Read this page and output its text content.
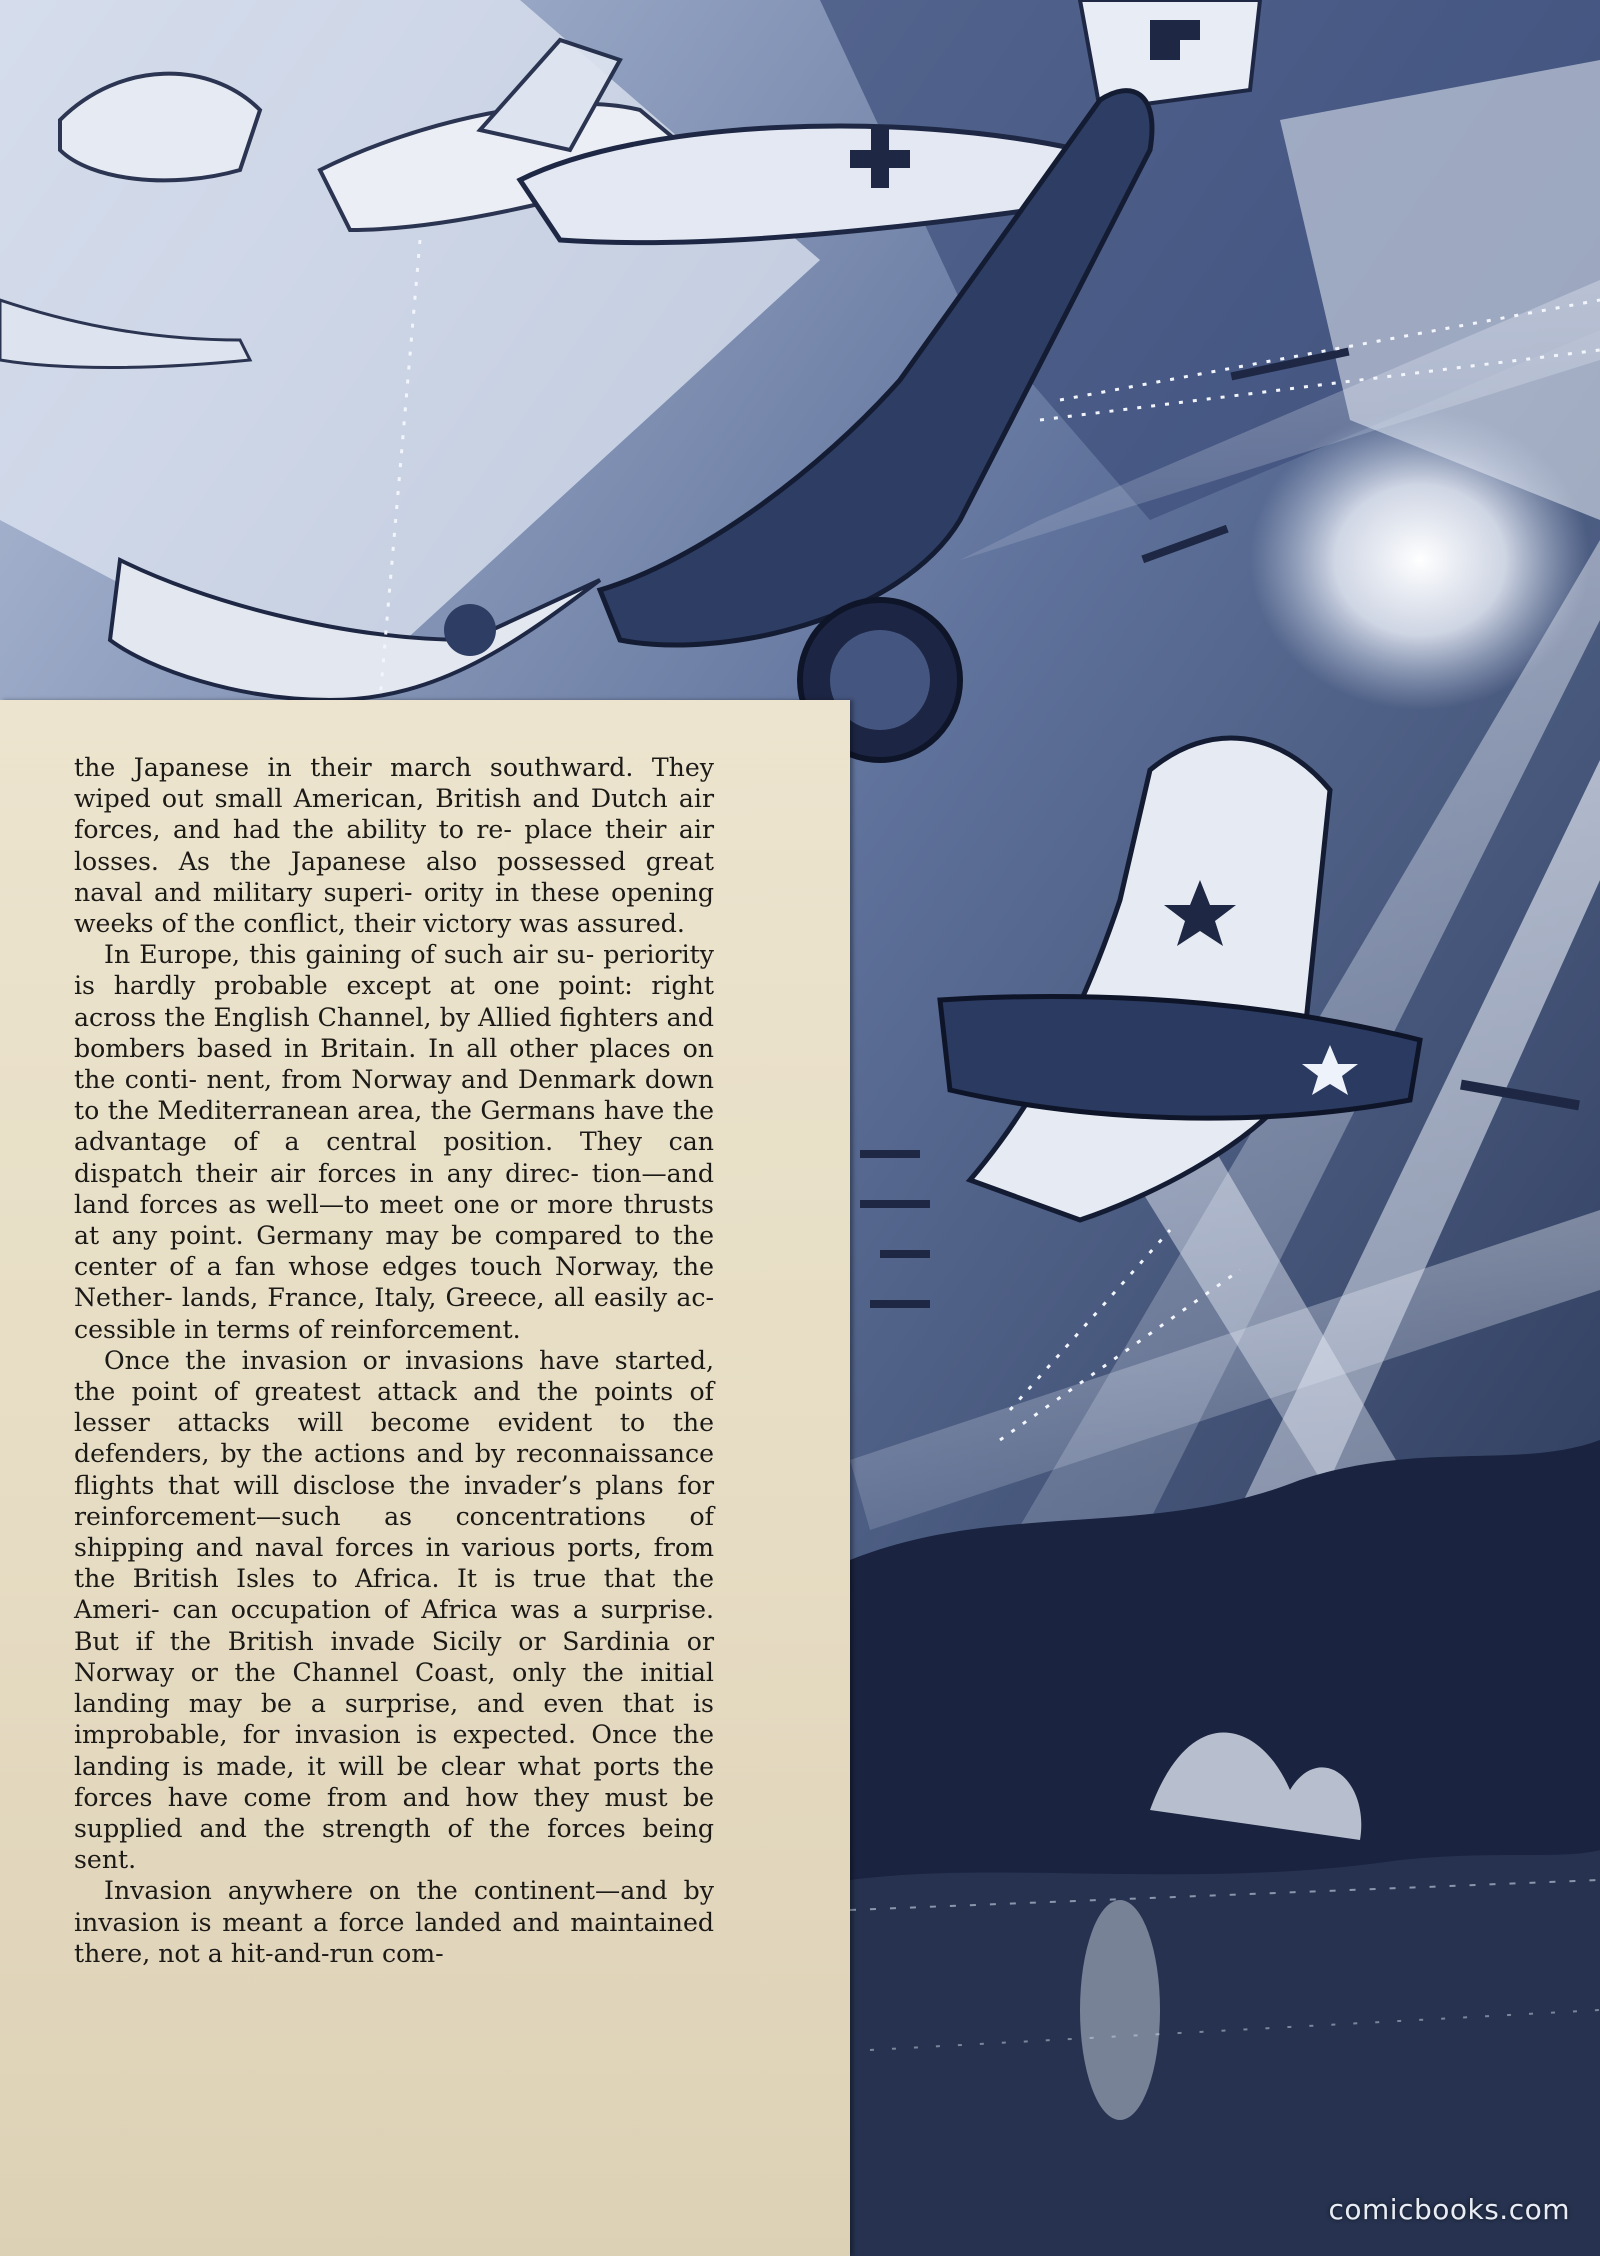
the Japanese in their march southward. They wiped out small American, British and Dutch air forces, and had the ability to re- place their air losses. As the Japanese also possessed great naval and military superi- ority in these opening weeks of the conflict, their victory was assured.

In Europe, this gaining of such air su- periority is hardly probable except at one point: right across the English Channel, by Allied fighters and bombers based in Britain. In all other places on the conti- nent, from Norway and Denmark down to the Mediterranean area, the Germans have the advantage of a central position. They can dispatch their air forces in any direc- tion—and land forces as well—to meet one or more thrusts at any point. Germany may be compared to the center of a fan whose edges touch Norway, the Nether- lands, France, Italy, Greece, all easily ac- cessible in terms of reinforcement.

Once the invasion or invasions have started, the point of greatest attack and the points of lesser attacks will become evident to the defenders, by the actions and by reconnaissance flights that will disclose the invader’s plans for reinforcement—such as concentrations of shipping and naval forces in various ports, from the British Isles to Africa. It is true that the Ameri- can occupation of Africa was a surprise. But if the British invade Sicily or Sardinia or Norway or the Channel Coast, only the initial landing may be a surprise, and even that is improbable, for invasion is expected. Once the landing is made, it will be clear what ports the forces have come from and how they must be supplied and the strength of the forces being sent.

Invasion anywhere on the continent—and by invasion is meant a force landed and maintained there, not a hit-and-run com-

comicbooks.com
